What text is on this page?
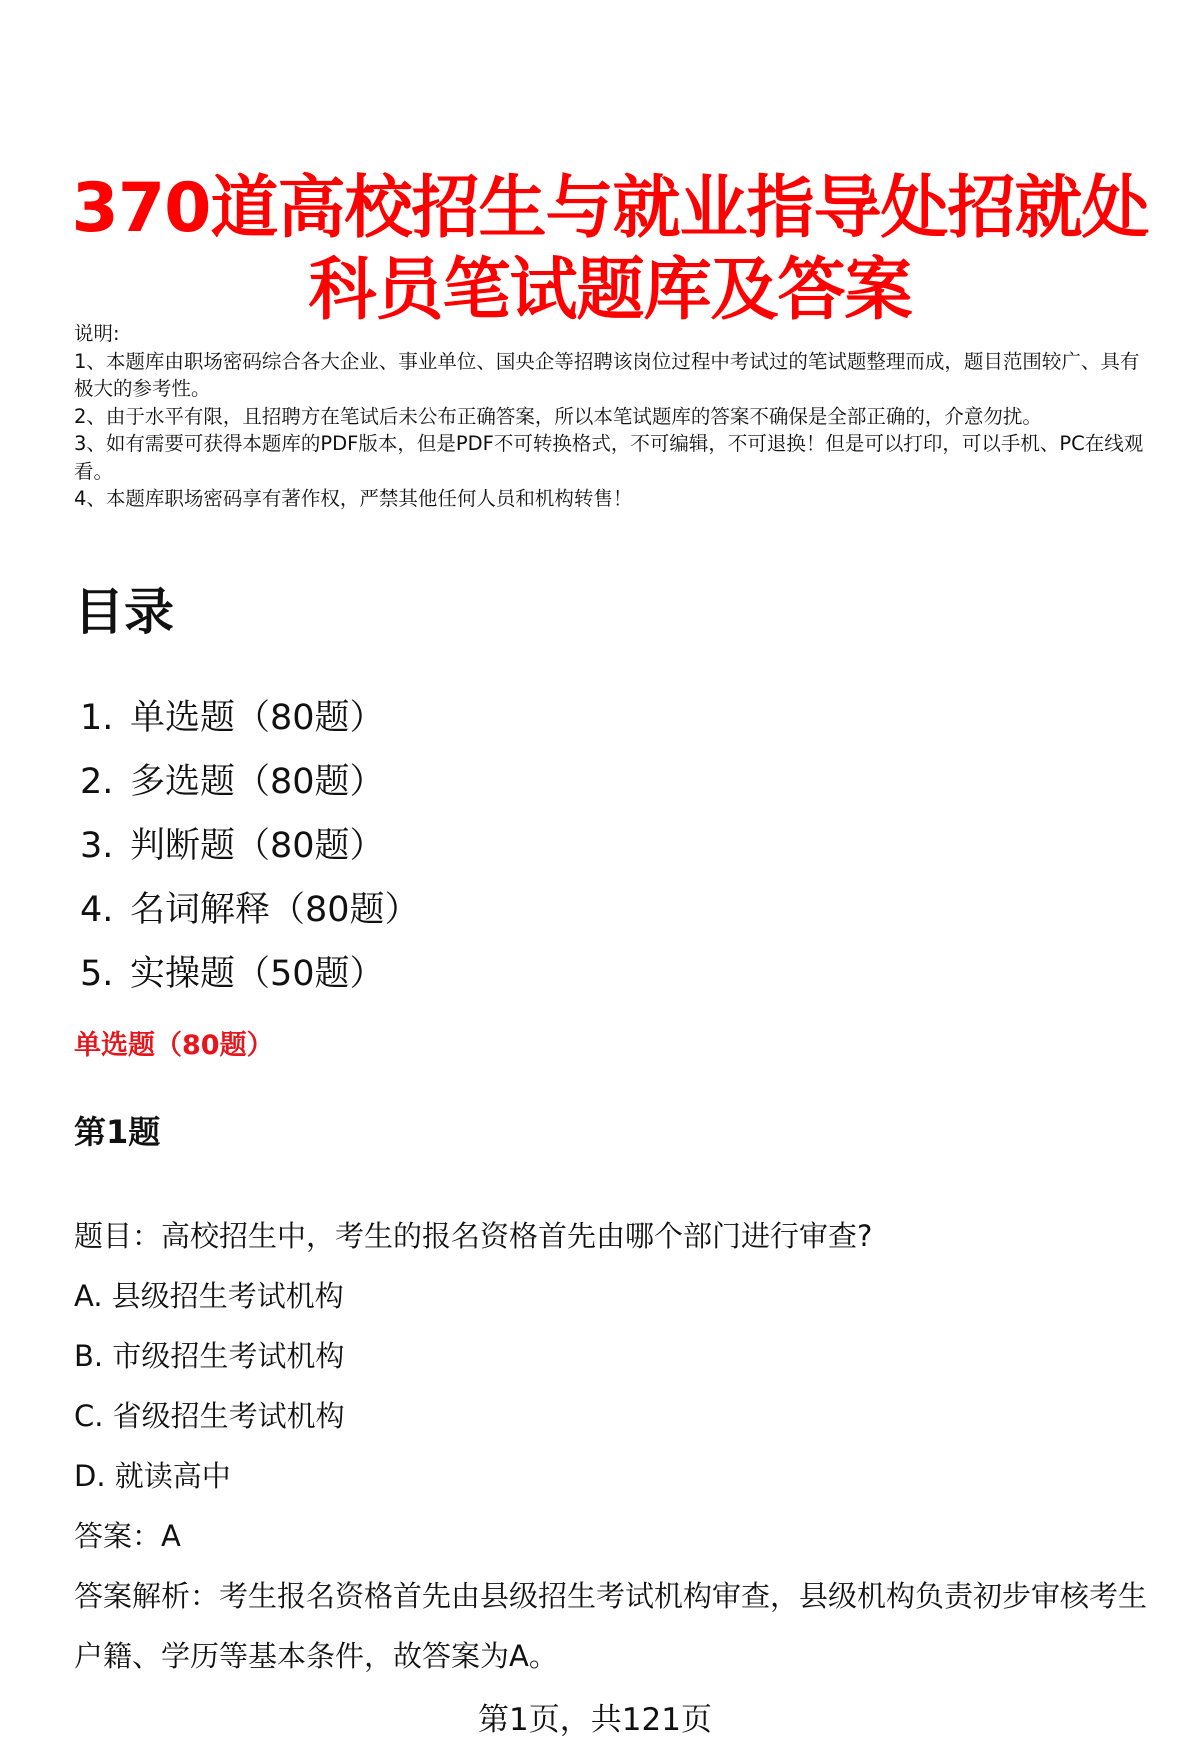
370道高校招生与就业指导处招就处
科员笔试题库及答案

说明:

1、本题库由职场密码综合各大企业、事业单位、国央企等招聘该岗位过程中考试过的笔试题整理而成，题目范围较广、具有极大的参考性。

2、由于水平有限，且招聘方在笔试后未公布正确答案，所以本笔试题库的答案不确保是全部正确的，介意勿扰。

3、如有需要可获得本题库的PDF版本，但是PDF不可转换格式，不可编辑，不可退换！但是可以打印，可以手机、PC在线观看。

4、本题库职场密码享有著作权，严禁其他任何人员和机构转售！

目录
1. 单选题（80题）
2. 多选题（80题）
3. 判断题（80题）
4. 名词解释（80题）
5. 实操题（50题）
单选题（80题）
第1题

题目：高校招生中，考生的报名资格首先由哪个部门进行审查?

A. 县级招生考试机构

B. 市级招生考试机构

C. 省级招生考试机构

D. 就读高中

答案：A

答案解析：考生报名资格首先由县级招生考试机构审查，县级机构负责初步审核考生户籍、学历等基本条件，故答案为A。

第1页，共121页
